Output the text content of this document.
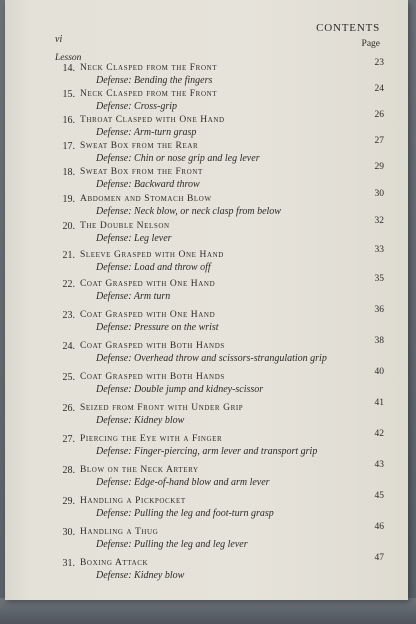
CONTENTS
vi	Page
Lesson
14. Neck Clasped from the Front
Defense: Bending the fingers
23
15. Neck Clasped from the Front
Defense: Cross-grip
24
16. Throat Clasped with One Hand
Defense: Arm-turn grasp
26
17. Sweat Box from the Rear
Defense: Chin or nose grip and leg lever
27
18. Sweat Box from the Front
Defense: Backward throw
29
19. Abdomen and Stomach Blow
Defense: Neck blow, or neck clasp from below
30
20. The Double Nelson
Defense: Leg lever
32
21. Sleeve Grasped with One Hand
Defense: Load and throw off
33
22. Coat Grasped with One Hand
Defense: Arm turn
35
23. Coat Grasped with One Hand
Defense: Pressure on the wrist
36
24. Coat Grasped with Both Hands
Defense: Overhead throw and scissors-strangulation grip
38
25. Coat Grasped with Both Hands
Defense: Double jump and kidney-scissor
40
26. Seized from Front with Under Grip
Defense: Kidney blow
41
27. Piercing the Eye with a Finger
Defense: Finger-piercing, arm lever and transport grip
42
28. Blow on the Neck Artery
Defense: Edge-of-hand blow and arm lever
43
29. Handling a Pickpocket
Defense: Pulling the leg and foot-turn grasp
45
30. Handling a Thug
Defense: Pulling the leg and leg lever
46
31. Boxing Attack
Defense: Kidney blow
47
